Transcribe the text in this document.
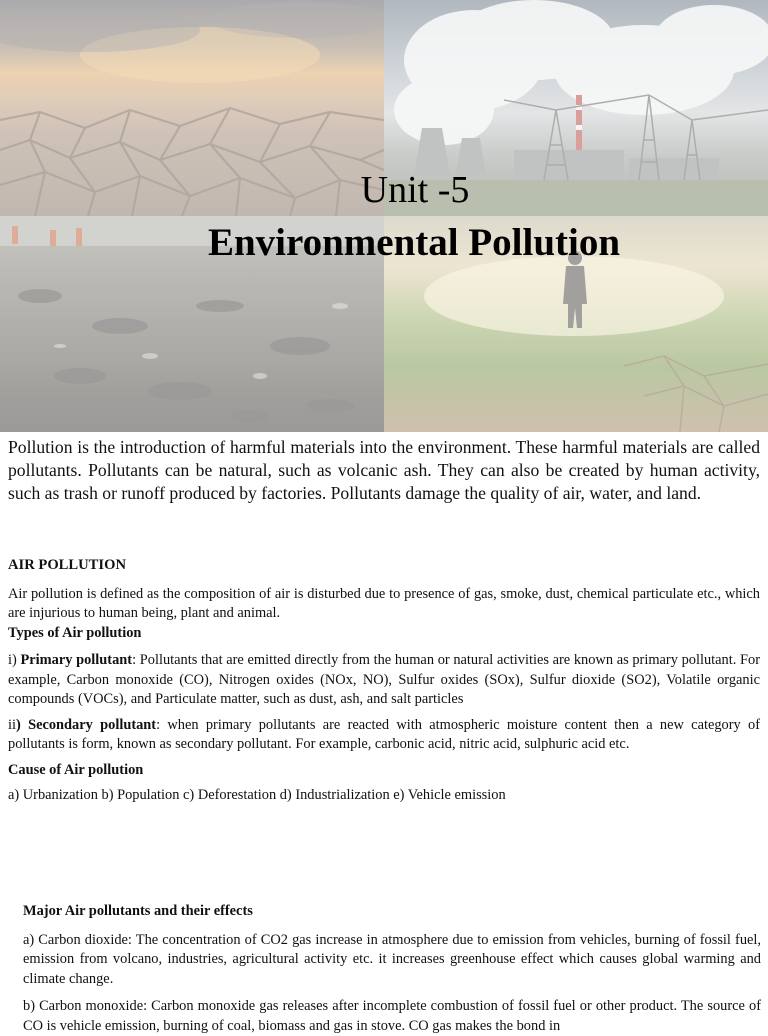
Unit -5
Environmental Pollution

Pollution is the introduction of harmful materials into the environment. These harmful materials are called pollutants. Pollutants can be natural, such as volcanic ash. They can also be created by human activity, such as trash or runoff produced by factories. Pollutants damage the quality of air, water, and land.

AIR POLLUTION

Air pollution is defined as the composition of air is disturbed due to presence of gas, smoke, dust, chemical particulate etc., which are injurious to human being, plant and animal.

Types of Air pollution

i) Primary pollutant: Pollutants that are emitted directly from the human or natural activities are known as primary pollutant. For example, Carbon monoxide (CO), Nitrogen oxides (NOx, NO), Sulfur oxides (SOx), Sulfur dioxide (SO2), Volatile organic compounds (VOCs), and Particulate matter, such as dust, ash, and salt particles

ii) Secondary pollutant: when primary pollutants are reacted with atmospheric moisture content then a new category of pollutants is form, known as secondary pollutant. For example, carbonic acid, nitric acid, sulphuric acid etc.

Cause of Air pollution

a) Urbanization b) Population c) Deforestation d) Industrialization e) Vehicle emission

Major Air pollutants and their effects

a) Carbon dioxide: The concentration of CO2 gas increase in atmosphere due to emission from vehicles, burning of fossil fuel, emission from volcano, industries, agricultural activity etc. it increases greenhouse effect which causes global warming and climate change.

b) Carbon monoxide: Carbon monoxide gas releases after incomplete combustion of fossil fuel or other product. The source of CO is vehicle emission, burning of coal, biomass and gas in stove. CO gas makes the bond in
